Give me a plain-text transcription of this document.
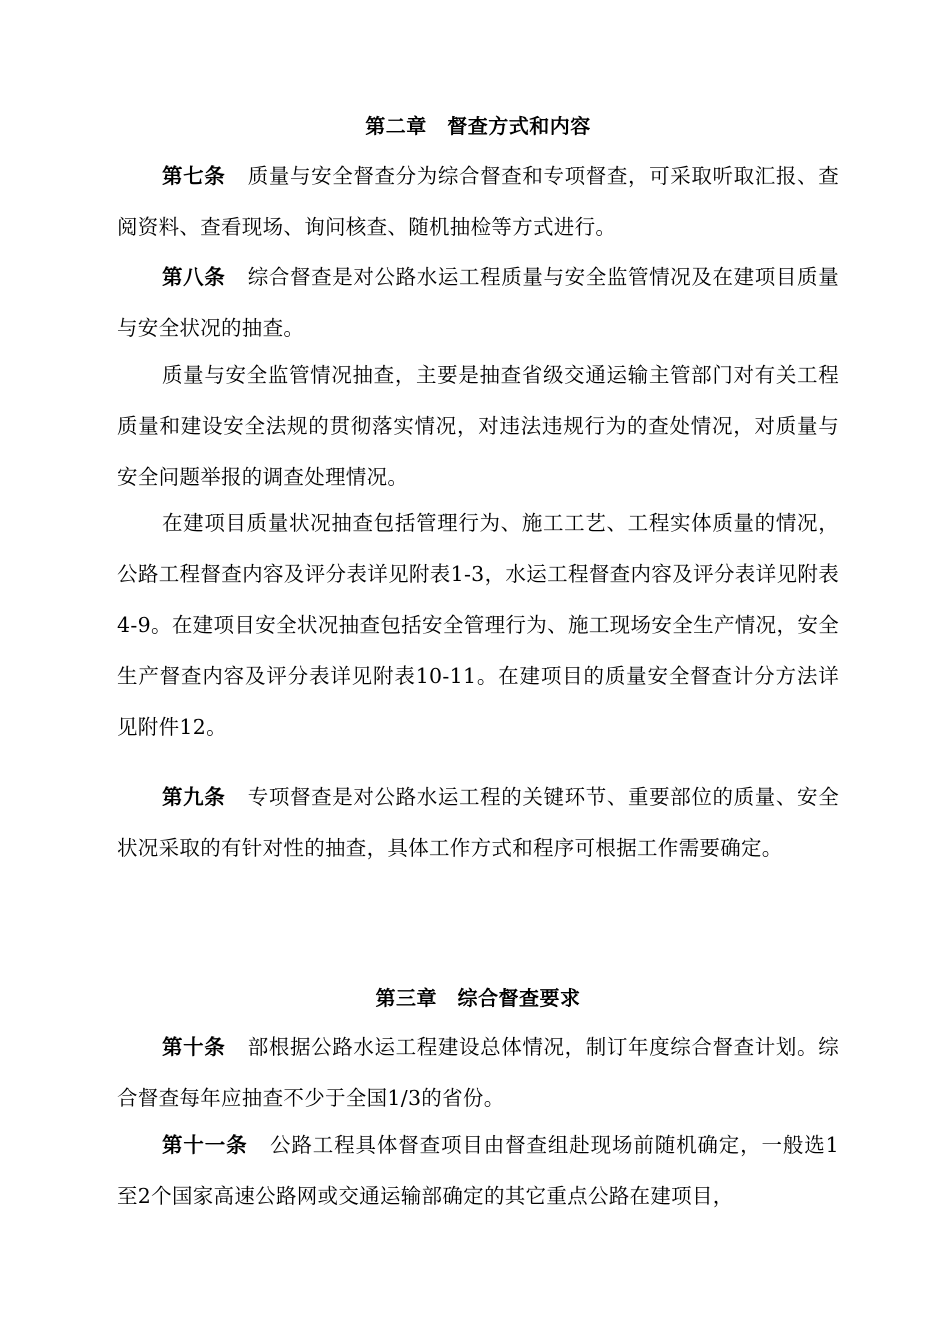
第二章　督查方式和内容
第七条 质量与安全督查分为综合督查和专项督查，可采取听取汇报、查阅资料、查看现场、询问核查、随机抽检等方式进行。
第八条 综合督查是对公路水运工程质量与安全监管情况及在建项目质量与安全状况的抽查。
质量与安全监管情况抽查，主要是抽查省级交通运输主管部门对有关工程质量和建设安全法规的贯彻落实情况，对违法违规行为的查处情况，对质量与安全问题举报的调查处理情况。
在建项目质量状况抽查包括管理行为、施工工艺、工程实体质量的情况，公路工程督查内容及评分表详见附表1-3，水运工程督查内容及评分表详见附表4-9。在建项目安全状况抽查包括安全管理行为、施工现场安全生产情况，安全生产督查内容及评分表详见附表10-11。在建项目的质量安全督查计分方法详见附件12。
第九条 专项督查是对公路水运工程的关键环节、重要部位的质量、安全状况采取的有针对性的抽查，具体工作方式和程序可根据工作需要确定。
第三章　综合督查要求
第十条 部根据公路水运工程建设总体情况，制订年度综合督查计划。综合督查每年应抽查不少于全国1/3的省份。
第十一条 公路工程具体督查项目由督查组赴现场前随机确定，一般选1至2个国家高速公路网或交通运输部确定的其它重点公路在建项目，
